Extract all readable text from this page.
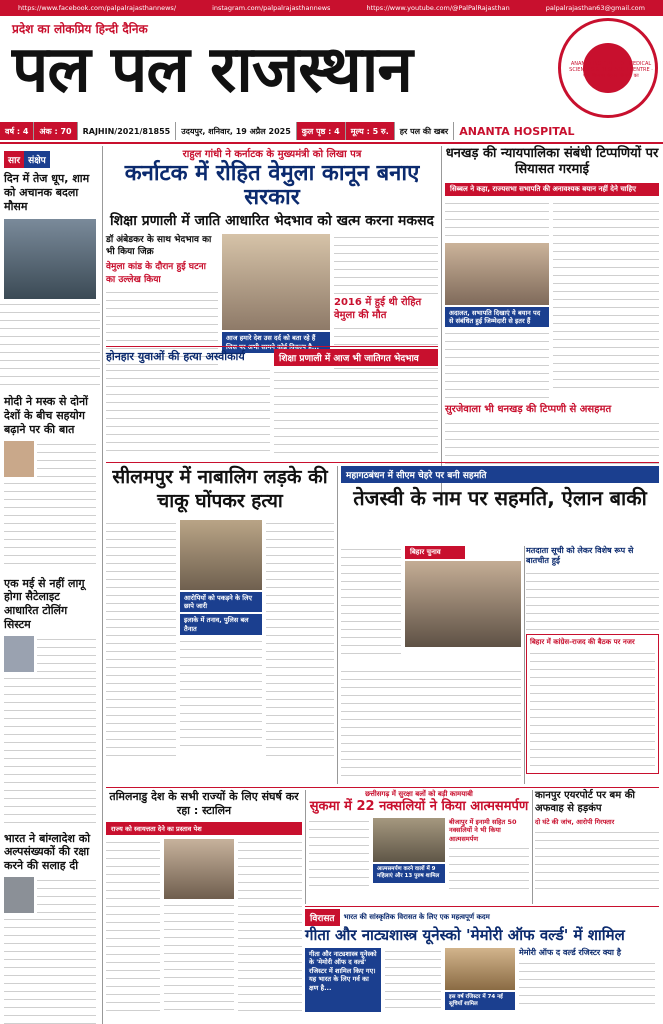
https://www.facebook.com/palpalrajasthannews/	instagram.com/palpalrajasthannews	https://www.youtube.com/@PalPalRajasthan	palpalrajasthan63@gmail.com
प्रदेश का लोकप्रिय हिन्दी दैनिक
पल पल राजस्थान	ANANTA INSTITUTE OF MEDICAL SCIENCES & RESEARCH CENTRE · एक विश्वास बेहतर जिन्दगी का
वर्ष : 4	अंक : 70	RAJHIN/2021/81855	उदयपुर, शनिवार, 19 अप्रैल 2025	कुल पृष्ठ : 4	मूल्य : 5 रु.	हर पल की खबर	ANANTA HOSPITAL
सार संक्षेप
दिन में तेज धूप, शाम को अचानक बदला मौसम
मोदी ने मस्क से दोनों देशों के बीच सहयोग बढ़ाने पर की बात
एक मई से नहीं लागू होगा सैटेलाइट आधारित टोलिंग सिस्टम
भारत ने बांग्लादेश को अल्पसंख्यकों की रक्षा करने की सलाह दी
राहुल गांधी ने कर्नाटक के मुख्यमंत्री को लिखा पत्र
कर्नाटक में रोहित वेमुला कानून बनाए सरकार
शिक्षा प्रणाली में जाति आधारित भेदभाव को खत्म करना मकसद
डॉ अंबेडकर के साथ भेदभाव का भी किया जिक्र
वेमुला कांड के दौरान हुई घटना का उल्लेख किया
आज हमारे देश उस दर्द को बता रहे हैं
2016 में हुई थी रोहित वेमुला की मौत
धनखड़ की न्यायपालिका संबंधी टिप्पणियों पर सियासत गरमाई
सिब्बल ने कहा, राज्यसभा सभापति की अनावश्यक बयान नहीं देने चाहिए
अदालत, सभापति दिखाएं ये बयान पद से संबंधित हुई जिम्मेदारी से इतर हैं
सुरजेवाला भी धनखड़ की टिप्पणी से असहमत
होनहार युवाओं की हत्या अस्वीकार्य	शिक्षा प्रणाली में आज भी जातिगत भेदभाव
सीलमपुर में नाबालिग लड़के की चाकू घोंपकर हत्या
आरोपियों को पकड़ने के लिए छापे जारी
इलाके में तनाव, पुलिस बल तैनात
महागठबंधन में सीएम चेहरे पर बनी सहमति
तेजस्वी के नाम पर सहमति, ऐलान बाकी
बिहार चुनाव	मतदाता सूची को लेकर विशेष रूप से बातचीत हुई
बिहार में कांग्रेस-राजद की बैठक पर नजर
तमिलनाडु देश के सभी राज्यों के लिए संघर्ष कर रहा : स्टालिन
राज्य को स्वायत्तता देने का प्रस्ताव पेश
छत्तीसगढ़ में सुरक्षा बलों को बड़ी कामयाबी
सुकमा में 22 नक्सलियों ने किया आत्मसमर्पण
आत्मसमर्पण करने वालों में 9 महिलाएं और 13 पुरुष शामिल
बीजापुर में इनामी सहित 50 नक्सलियों ने भी किया आत्मसमर्पण
कानपुर एयरपोर्ट पर बम की अफवाह से हड़कंप
दो घंटे की जांच, आरोपी गिरफ्तार
विरासत	भारत की सांस्कृतिक विरासत के लिए एक महत्वपूर्ण कदम
गीता और नाट्यशास्त्र यूनेस्को 'मेमोरी ऑफ वर्ल्ड' में शामिल
गीता और नाट्यशास्त्र यूनेस्को के 'मेमोरी ऑफ द वर्ल्ड' रजिस्टर में शामिल किए गए। यह भारत के लिए गर्व का क्षण है...
इस वर्ष रजिस्टर में 74 नई सूचियाँ शामिल
मेमोरी ऑफ द वर्ल्ड रजिस्टर क्या है
